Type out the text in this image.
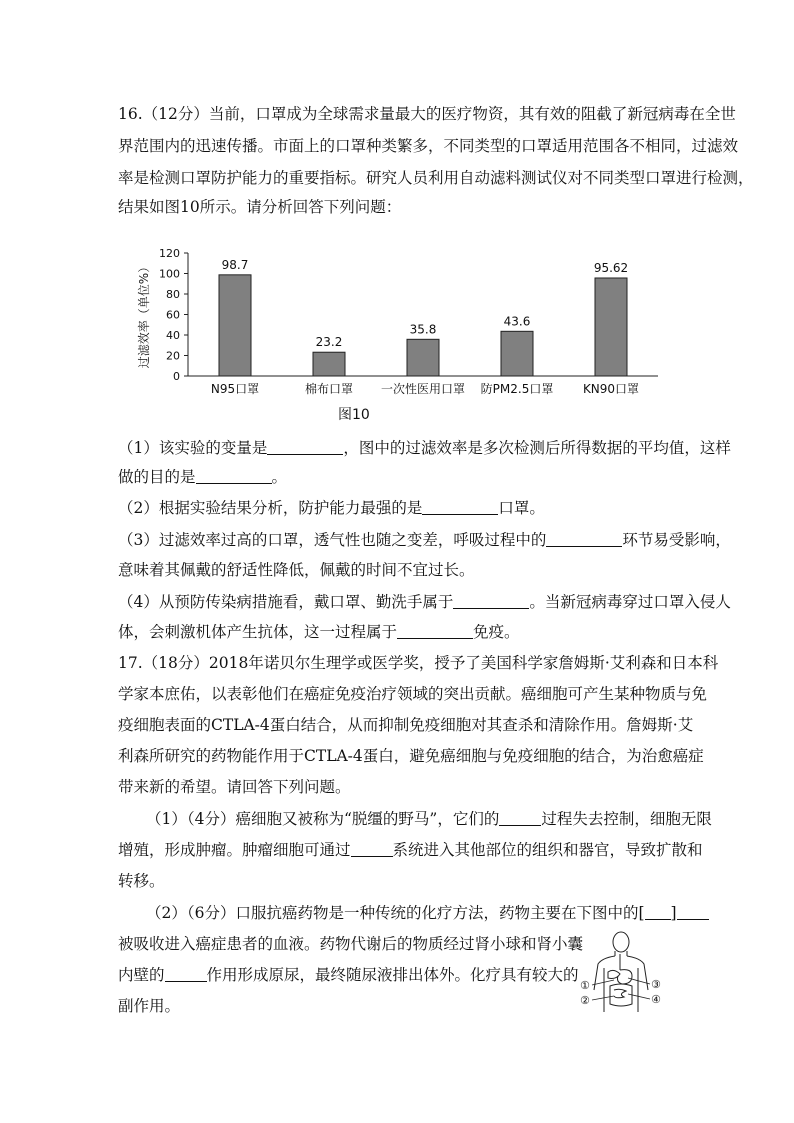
16.（12分）当前，口罩成为全球需求量最大的医疗物资，其有效的阻截了新冠病毒在全世
界范围内的迅速传播。市面上的口罩种类繁多，不同类型的口罩适用范围各不相同，过滤效
率是检测口罩防护能力的重要指标。研究人员利用自动滤料测试仪对不同类型口罩进行检测，
结果如图10所示。请分析回答下列问题：
0
20
40
60
80
100
120
过滤效率（单位%）	98.7
N95口罩
23.2
棉布口罩
35.8
一次性医用口罩
43.6
防PM2.5口罩
95.62
KN90口罩
图10
（1）该实验的变量是	，图中的过滤效率是多次检测后所得数据的平均值，这样
做的目的是	。
（2）根据实验结果分析，防护能力最强的是	口罩。
（3）过滤效率过高的口罩，透气性也随之变差，呼吸过程中的	环节易受影响，
意味着其佩戴的舒适性降低，佩戴的时间不宜过长。
（4）从预防传染病措施看，戴口罩、勤洗手属于	。当新冠病毒穿过口罩入侵人
体，会刺激机体产生抗体，这一过程属于	免疫。
17.（18分）2018年诺贝尔生理学或医学奖，授予了美国科学家詹姆斯·艾利森和日本科
学家本庶佑，以表彰他们在癌症免疫治疗领域的突出贡献。癌细胞可产生某种物质与免
疫细胞表面的CTLA-4蛋白结合，从而抑制免疫细胞对其查杀和清除作用。詹姆斯·艾
利森所研究的药物能作用于CTLA-4蛋白，避免癌细胞与免疫细胞的结合，为治愈癌症
带来新的希望。请回答下列问题。
（1）（4分）癌细胞又被称为“脱缰的野马”，它们的	过程失去控制，细胞无限
增殖，形成肿瘤。肿瘤细胞可通过	系统进入其他部位的组织和器官，导致扩散和
转移。
（2）（6分）口服抗癌药物是一种传统的化疗方法，药物主要在下图中的[ ]
被吸收进入癌症患者的血液。药物代谢后的物质经过肾小球和肾小囊
内壁的	作用形成原尿，最终随尿液排出体外。化疗具有较大的
副作用。
①
②
③
④
